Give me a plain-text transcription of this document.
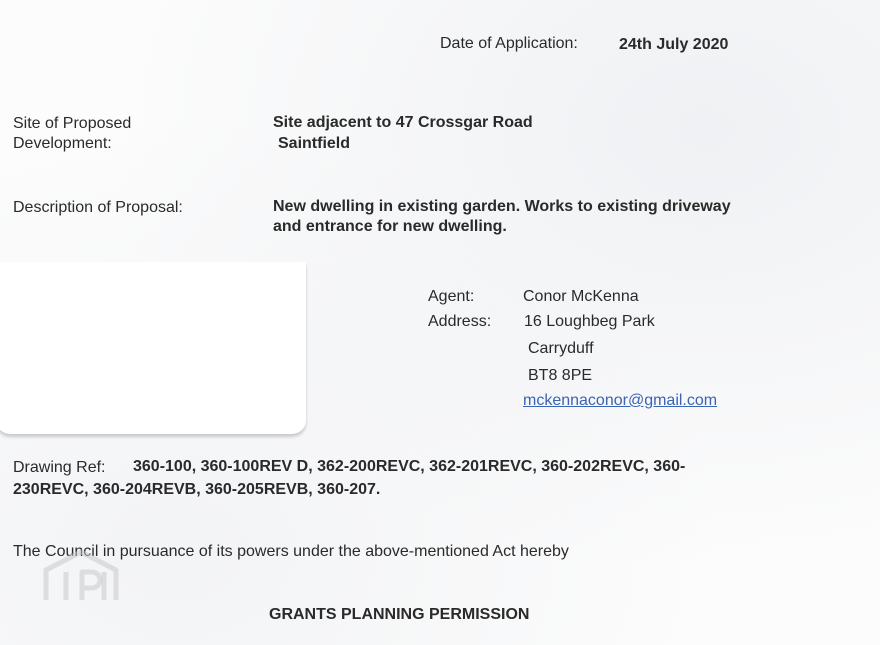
Date of Application:	24th July 2020
Site of Proposed
Development:
Site adjacent to 47 Crossgar Road
Saintfield
Description of Proposal:	New dwelling in existing garden. Works to existing driveway
and entrance for new dwelling.
Agent:	Conor McKenna
Address: 16 Loughbeg Park
Carryduff
BT8 8PE
mckennaconor@gmail.com
Drawing Ref: 360-100, 360-100REV D, 362-200REVC, 362-201REVC, 360-202REVC, 360-
230REVC, 360-204REVB, 360-205REVB, 360-207.
The Council in pursuance of its powers under the above-mentioned Act hereby
GRANTS PLANNING PERMISSION
